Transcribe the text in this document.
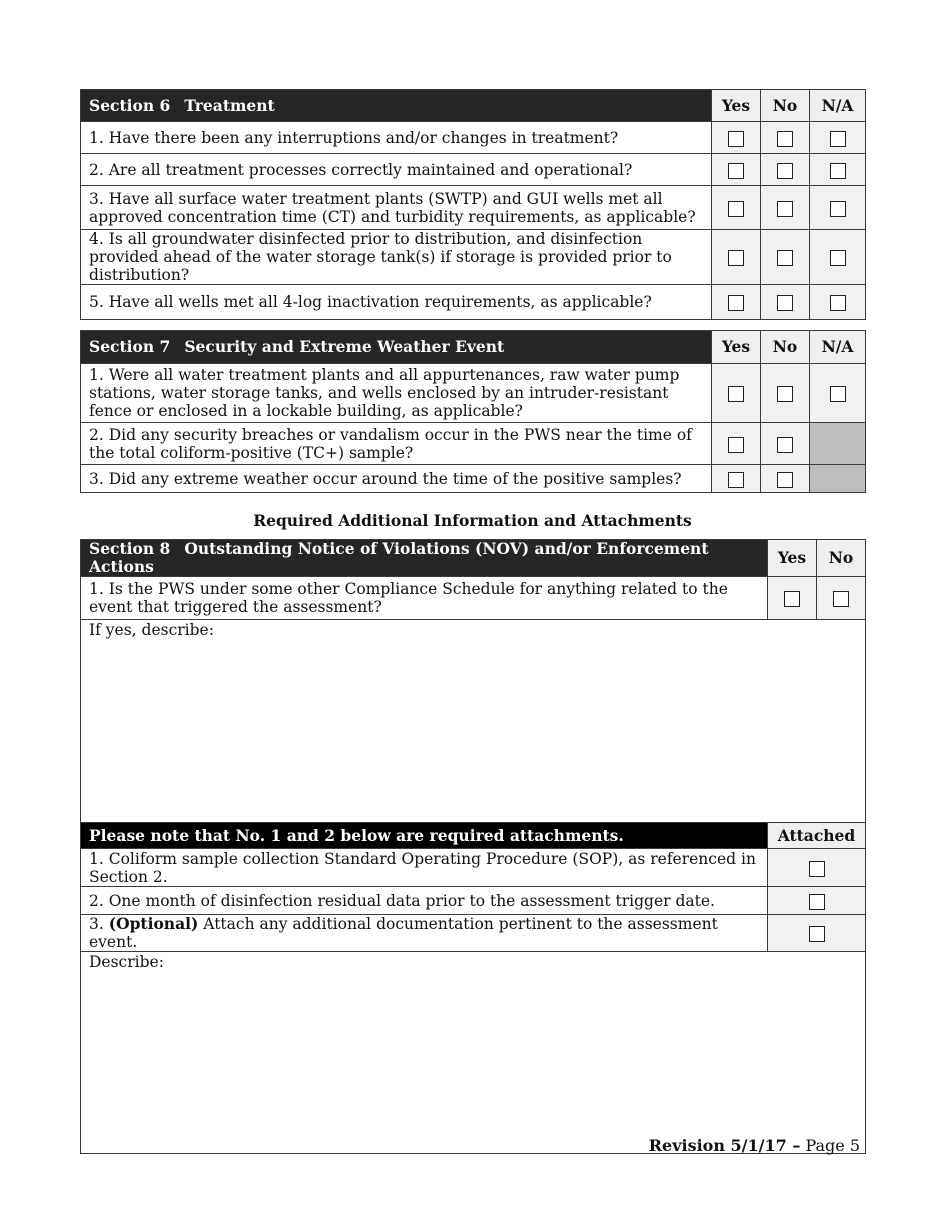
Section 6 Treatment	Yes	No	N/A
1. Have there been any interruptions and/or changes in treatment?			
2. Are all treatment processes correctly maintained and operational?			
3. Have all surface water treatment plants (SWTP) and GUI wells met all approved concentration time (CT) and turbidity requirements, as applicable?			
4. Is all groundwater disinfected prior to distribution, and disinfection provided ahead of the water storage tank(s) if storage is provided prior to distribution?			
5. Have all wells met all 4-log inactivation requirements, as applicable?			
Section 7 Security and Extreme Weather Event	Yes	No	N/A
1. Were all water treatment plants and all appurtenances, raw water pump stations, water storage tanks, and wells enclosed by an intruder-resistant fence or enclosed in a lockable building, as applicable?			
2. Did any security breaches or vandalism occur in the PWS near the time of the total coliform-positive (TC+) sample?			
3. Did any extreme weather occur around the time of the positive samples?			
Required Additional Information and Attachments
Section 8 Outstanding Notice of Violations (NOV) and/or Enforcement Actions	Yes	No
1. Is the PWS under some other Compliance Schedule for anything related to the event that triggered the assessment?		
If yes, describe:		
Please note that No. 1 and 2 below are required attachments.	Attached	
1. Coliform sample collection Standard Operating Procedure (SOP), as referenced in Section 2.		
2. One month of disinfection residual data prior to the assessment trigger date.		
3. (Optional) Attach any additional documentation pertinent to the assessment event.		
Describe:		
Revision 5/1/17 – Page 5
